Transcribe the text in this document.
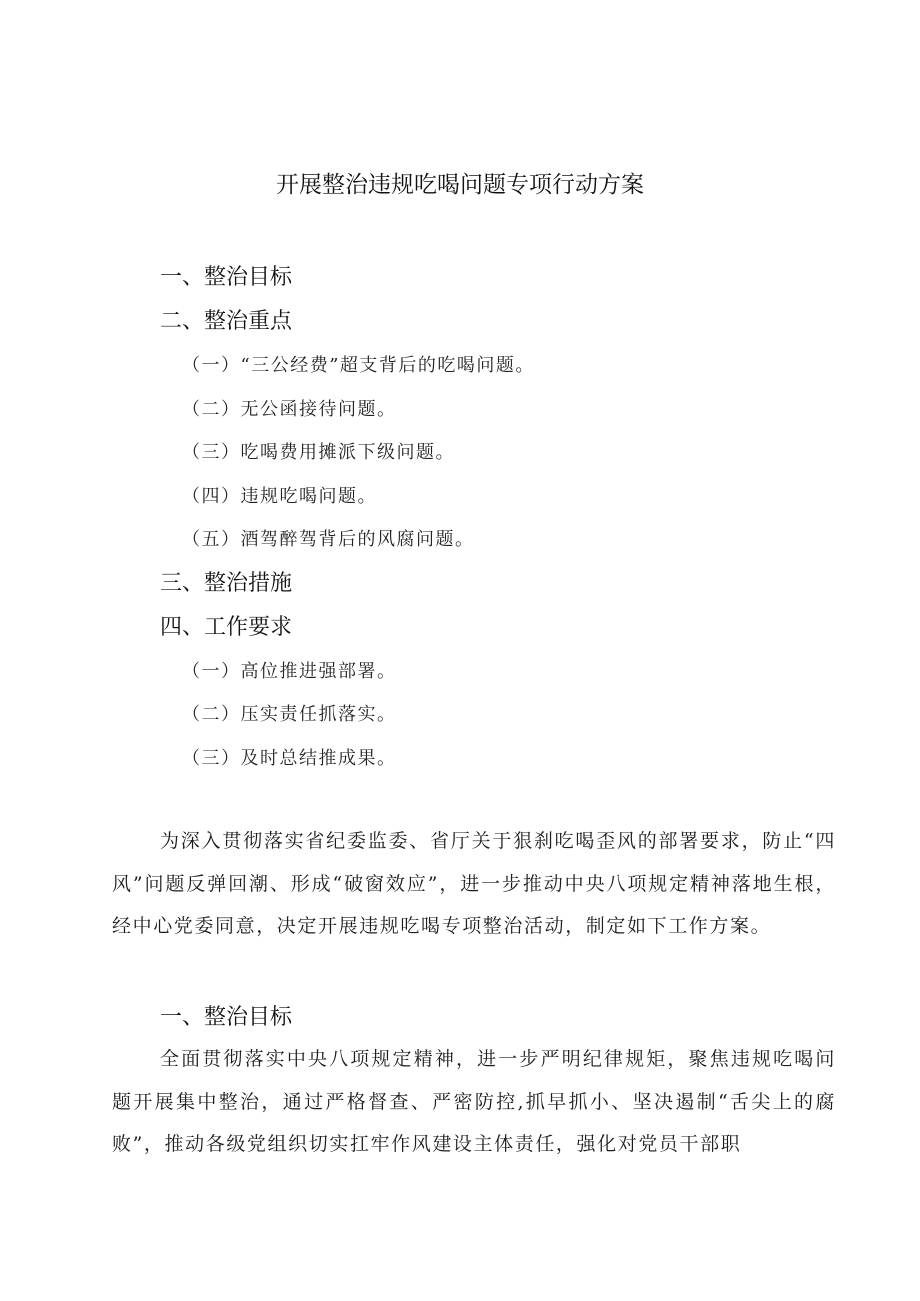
开展整治违规吃喝问题专项行动方案
一、整治目标
二、整治重点
（一）“三公经费”超支背后的吃喝问题。
（二）无公函接待问题。
（三）吃喝费用摊派下级问题。
（四）违规吃喝问题。
（五）酒驾醉驾背后的风腐问题。
三、整治措施
四、工作要求
（一）高位推进强部署。
（二）压实责任抓落实。
（三）及时总结推成果。

为深入贯彻落实省纪委监委、省厅关于狠刹吃喝歪风的部署要求，防止“四风”问题反弹回潮、形成“破窗效应”，进一步推动中央八项规定精神落地生根，经中心党委同意，决定开展违规吃喝专项整治活动，制定如下工作方案。

一、整治目标

全面贯彻落实中央八项规定精神，进一步严明纪律规矩，聚焦违规吃喝问题开展集中整治，通过严格督查、严密防控,抓早抓小、坚决遏制“舌尖上的腐败”，推动各级党组织切实扛牢作风建设主体责任，强化对党员干部职
